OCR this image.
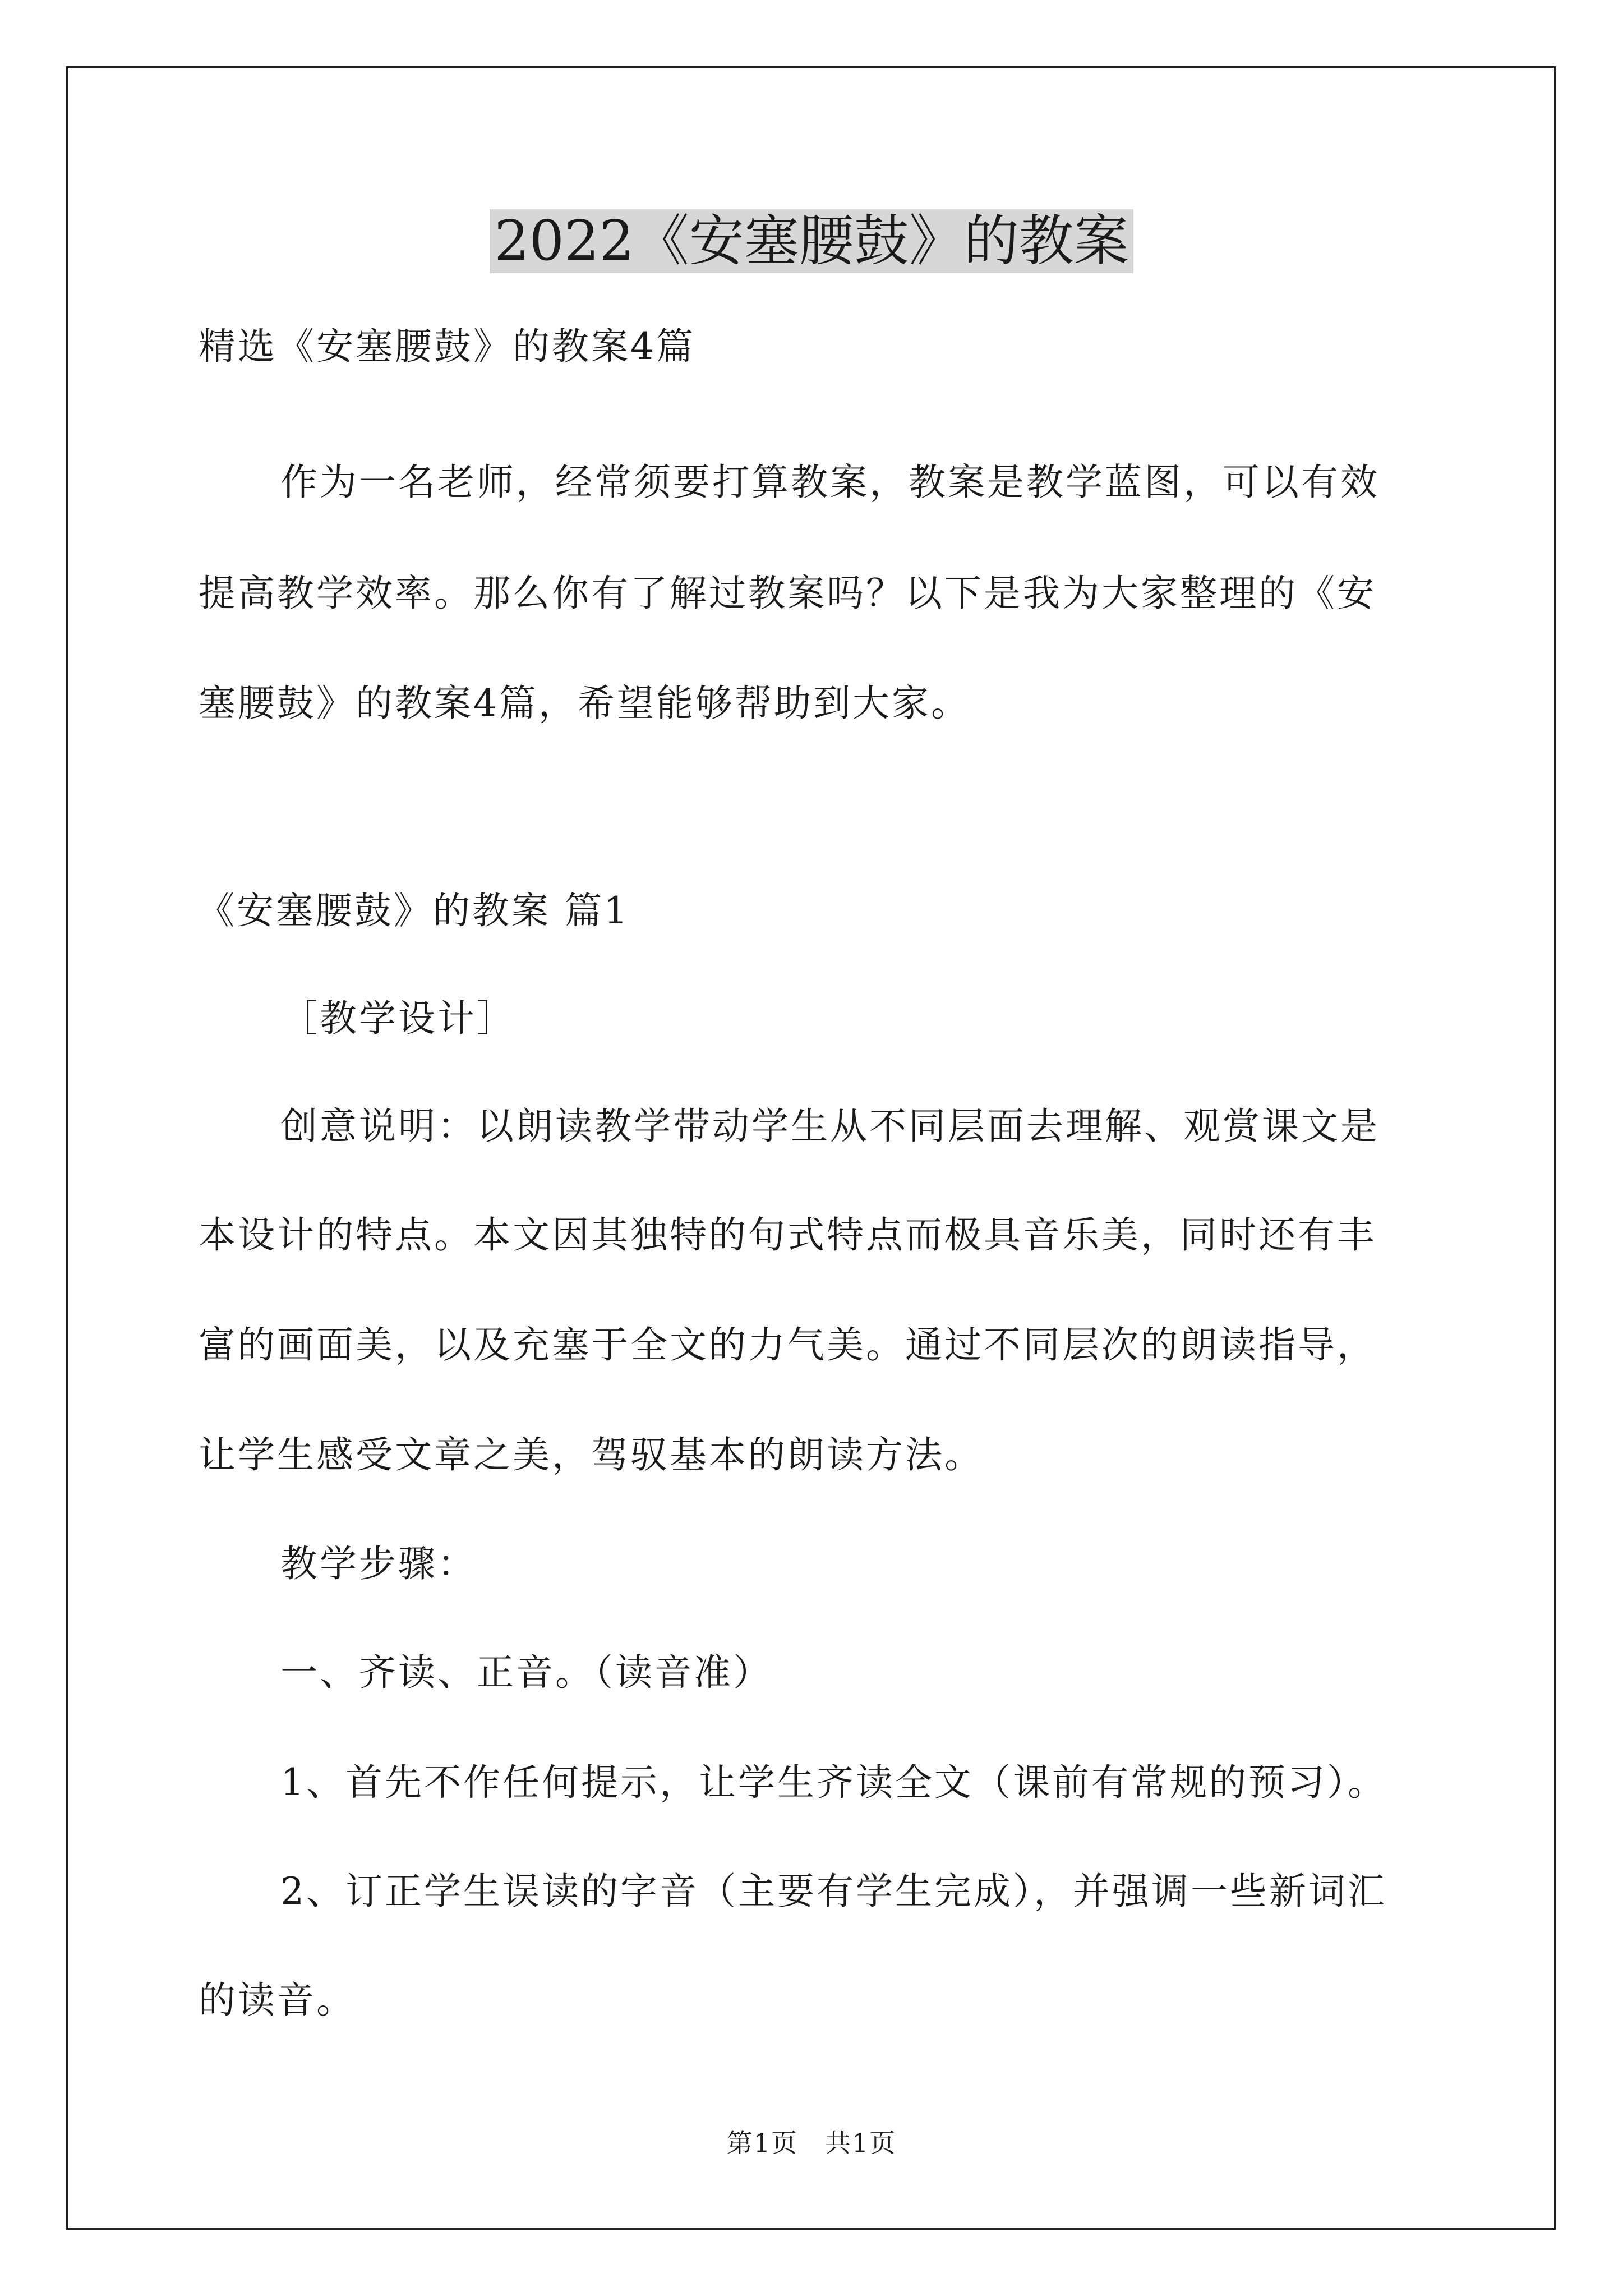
2022《安塞腰鼓》的教案
精选《安塞腰鼓》的教案4篇
作为一名老师，经常须要打算教案，教案是教学蓝图，可以有效
提高教学效率。那么你有了解过教案吗？以下是我为大家整理的《安
塞腰鼓》的教案4篇，希望能够帮助到大家。
《安塞腰鼓》的教案 篇1
［教学设计］
创意说明：以朗读教学带动学生从不同层面去理解、观赏课文是
本设计的特点。本文因其独特的句式特点而极具音乐美，同时还有丰
富的画面美，以及充塞于全文的力气美。通过不同层次的朗读指导，
让学生感受文章之美，驾驭基本的朗读方法。
教学步骤：
一、齐读、正音。（读音准）
1、首先不作任何提示，让学生齐读全文（课前有常规的预习）。
2、订正学生误读的字音（主要有学生完成），并强调一些新词汇
的读音。
第1页　共1页
